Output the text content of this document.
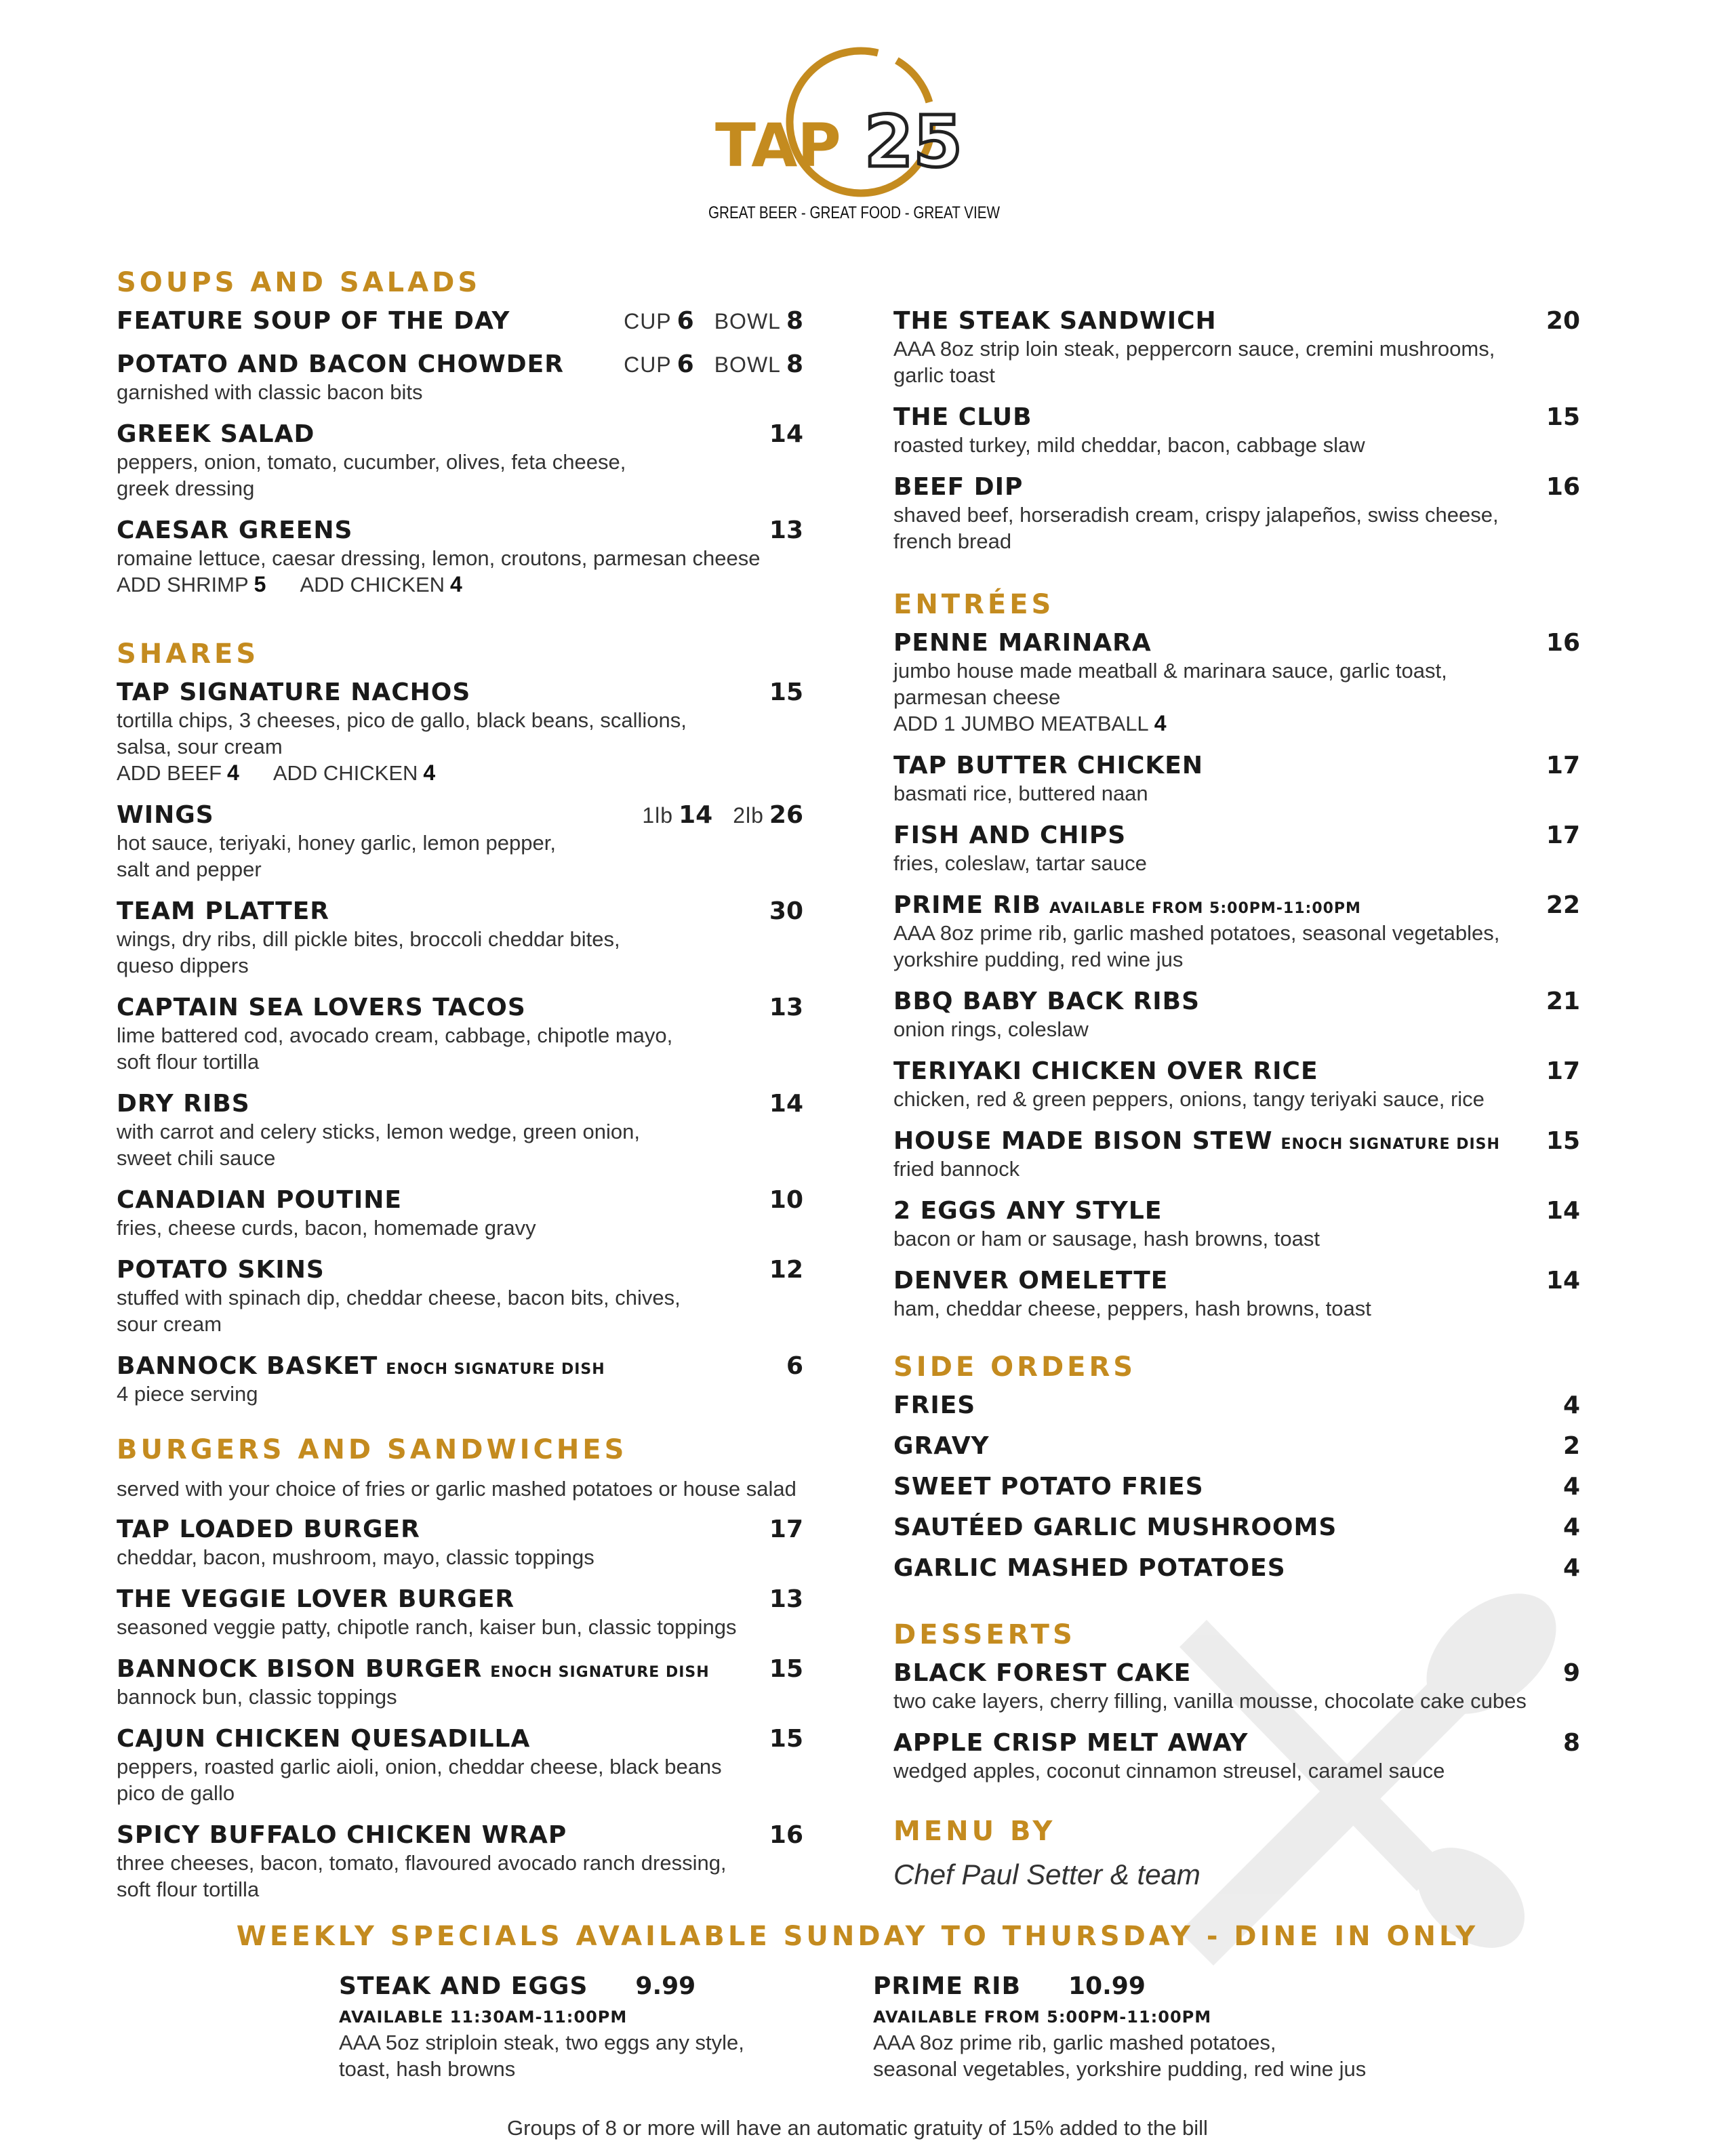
TAP 25
GREAT BEER - GREAT FOOD - GREAT VIEW
SOUPS AND SALADS
FEATURE SOUP OF THE DAY	CUP 6 BOWL 8
POTATO AND BACON CHOWDER	CUP 6 BOWL 8
garnished with classic bacon bits
GREEK SALAD	14
peppers, onion, tomato, cucumber, olives, feta cheese,
greek dressing
CAESAR GREENS	13
romaine lettuce, caesar dressing, lemon, croutons, parmesan cheese
ADD SHRIMP 5 ADD CHICKEN 4
SHARES
TAP SIGNATURE NACHOS	15
tortilla chips, 3 cheeses, pico de gallo, black beans, scallions,
salsa, sour cream
ADD BEEF 4 ADD CHICKEN 4
WINGS	1lb 14 2lb 26
hot sauce, teriyaki, honey garlic, lemon pepper,
salt and pepper
TEAM PLATTER	30
wings, dry ribs, dill pickle bites, broccoli cheddar bites,
queso dippers
CAPTAIN SEA LOVERS TACOS	13
lime battered cod, avocado cream, cabbage, chipotle mayo,
soft flour tortilla
DRY RIBS	14
with carrot and celery sticks, lemon wedge, green onion,
sweet chili sauce
CANADIAN POUTINE	10
fries, cheese curds, bacon, homemade gravy
POTATO SKINS	12
stuffed with spinach dip, cheddar cheese, bacon bits, chives,
sour cream
BANNOCK BASKET ENOCH SIGNATURE DISH	6
4 piece serving
BURGERS AND SANDWICHES
served with your choice of fries or garlic mashed potatoes or house salad
TAP LOADED BURGER	17
cheddar, bacon, mushroom, mayo, classic toppings
THE VEGGIE LOVER BURGER	13
seasoned veggie patty, chipotle ranch, kaiser bun, classic toppings
BANNOCK BISON BURGER ENOCH SIGNATURE DISH 15
bannock bun, classic toppings
CAJUN CHICKEN QUESADILLA	15
peppers, roasted garlic aioli, onion, cheddar cheese, black beans
pico de gallo
SPICY BUFFALO CHICKEN WRAP	16
three cheeses, bacon, tomato, flavoured avocado ranch dressing,
soft flour tortilla
THE STEAK SANDWICH	20
AAA 8oz strip loin steak, peppercorn sauce, cremini mushrooms,
garlic toast
THE CLUB	15
roasted turkey, mild cheddar, bacon, cabbage slaw
BEEF DIP	16
shaved beef, horseradish cream, crispy jalapeños, swiss cheese,
french bread
ENTRÉES
PENNE MARINARA	16
jumbo house made meatball & marinara sauce, garlic toast,
parmesan cheese
ADD 1 JUMBO MEATBALL 4
TAP BUTTER CHICKEN	17
basmati rice, buttered naan
FISH AND CHIPS	17
fries, coleslaw, tartar sauce
PRIME RIB AVAILABLE FROM 5:00PM-11:00PM	22
AAA 8oz prime rib, garlic mashed potatoes, seasonal vegetables,
yorkshire pudding, red wine jus
BBQ BABY BACK RIBS	21
onion rings, coleslaw
TERIYAKI CHICKEN OVER RICE	17
chicken, red & green peppers, onions, tangy teriyaki sauce, rice
HOUSE MADE BISON STEW ENOCH SIGNATURE DISH 15
fried bannock
2 EGGS ANY STYLE	14
bacon or ham or sausage, hash browns, toast
DENVER OMELETTE	14
ham, cheddar cheese, peppers, hash browns, toast
SIDE ORDERS
FRIES	4
GRAVY	2
SWEET POTATO FRIES	4
SAUTÉED GARLIC MUSHROOMS	4
GARLIC MASHED POTATOES	4
DESSERTS
BLACK FOREST CAKE	9
two cake layers, cherry filling, vanilla mousse, chocolate cake cubes
APPLE CRISP MELT AWAY	8
wedged apples, coconut cinnamon streusel, caramel sauce
MENU BY
Chef Paul Setter & team
WEEKLY SPECIALS AVAILABLE SUNDAY TO THURSDAY - DINE IN ONLY
STEAK AND EGGS 9.99
AVAILABLE 11:30AM-11:00PM
AAA 5oz striploin steak, two eggs any style,
toast, hash browns
PRIME RIB 10.99
AVAILABLE FROM 5:00PM-11:00PM
AAA 8oz prime rib, garlic mashed potatoes,
seasonal vegetables, yorkshire pudding, red wine jus
Groups of 8 or more will have an automatic gratuity of 15% added to the bill
